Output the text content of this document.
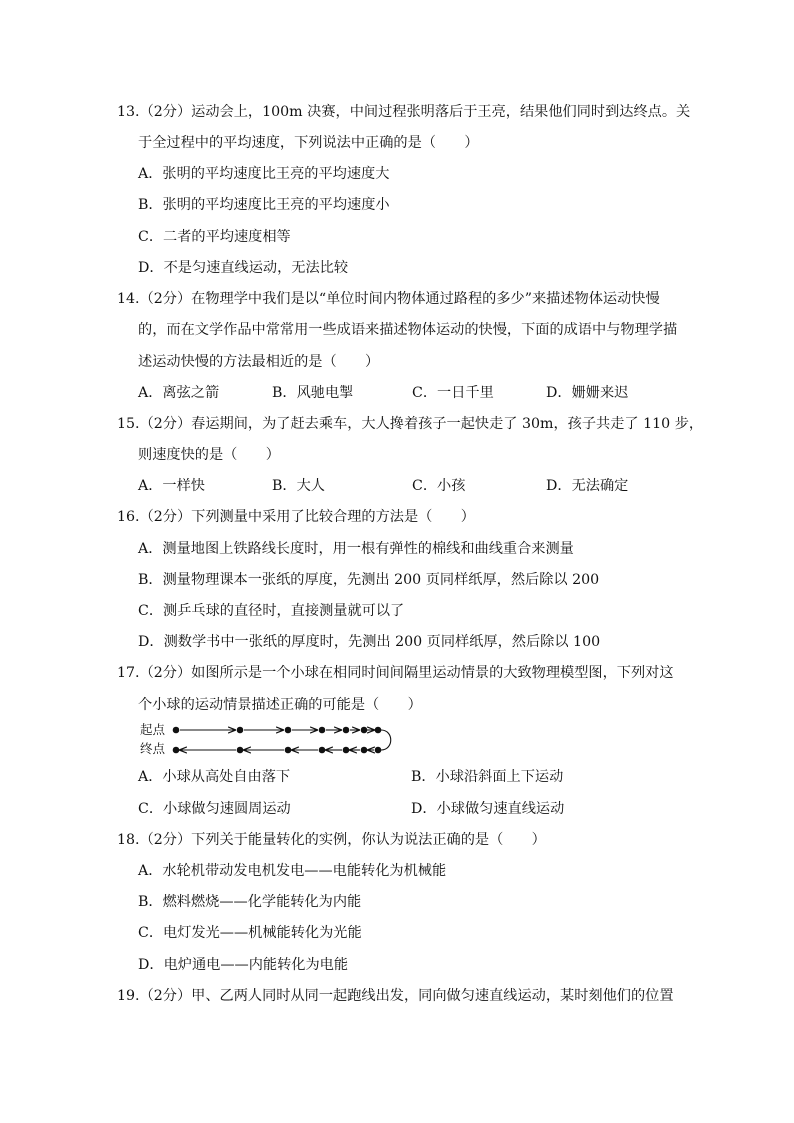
13.（2分）运动会上，100m 决赛，中间过程张明落后于王亮，结果他们同时到达终点。关
于全过程中的平均速度，下列说法中正确的是（　　）
A．张明的平均速度比王亮的平均速度大
B．张明的平均速度比王亮的平均速度小
C．二者的平均速度相等
D．不是匀速直线运动，无法比较
14.（2分）在物理学中我们是以“单位时间内物体通过路程的多少”来描述物体运动快慢
的，而在文学作品中常常用一些成语来描述物体运动的快慢，下面的成语中与物理学描
述运动快慢的方法最相近的是（　　）
A．离弦之箭	B．风驰电掣	C．一日千里	D．姗姗来迟
15.（2分）春运期间，为了赶去乘车，大人搀着孩子一起快走了 30m，孩子共走了 110 步，
则速度快的是（　　）
A．一样快	B．大人	C．小孩	D．无法确定
16.（2分）下列测量中采用了比较合理的方法是（　　）
A．测量地图上铁路线长度时，用一根有弹性的棉线和曲线重合来测量
B．测量物理课本一张纸的厚度，先测出 200 页同样纸厚，然后除以 200
C．测乒乓球的直径时，直接测量就可以了
D．测数学书中一张纸的厚度时，先测出 200 页同样纸厚，然后除以 100
17.（2分）如图所示是一个小球在相同时间间隔里运动情景的大致物理模型图，下列对这
个小球的运动情景描述正确的可能是（　　）
起点
终点
A．小球从高处自由落下	B．小球沿斜面上下运动
C．小球做匀速圆周运动	D．小球做匀速直线运动
18.（2分）下列关于能量转化的实例，你认为说法正确的是（　　）
A．水轮机带动发电机发电——电能转化为机械能
B．燃料燃烧——化学能转化为内能
C．电灯发光——机械能转化为光能
D．电炉通电——内能转化为电能
19.（2分）甲、乙两人同时从同一起跑线出发，同向做匀速直线运动，某时刻他们的位置
